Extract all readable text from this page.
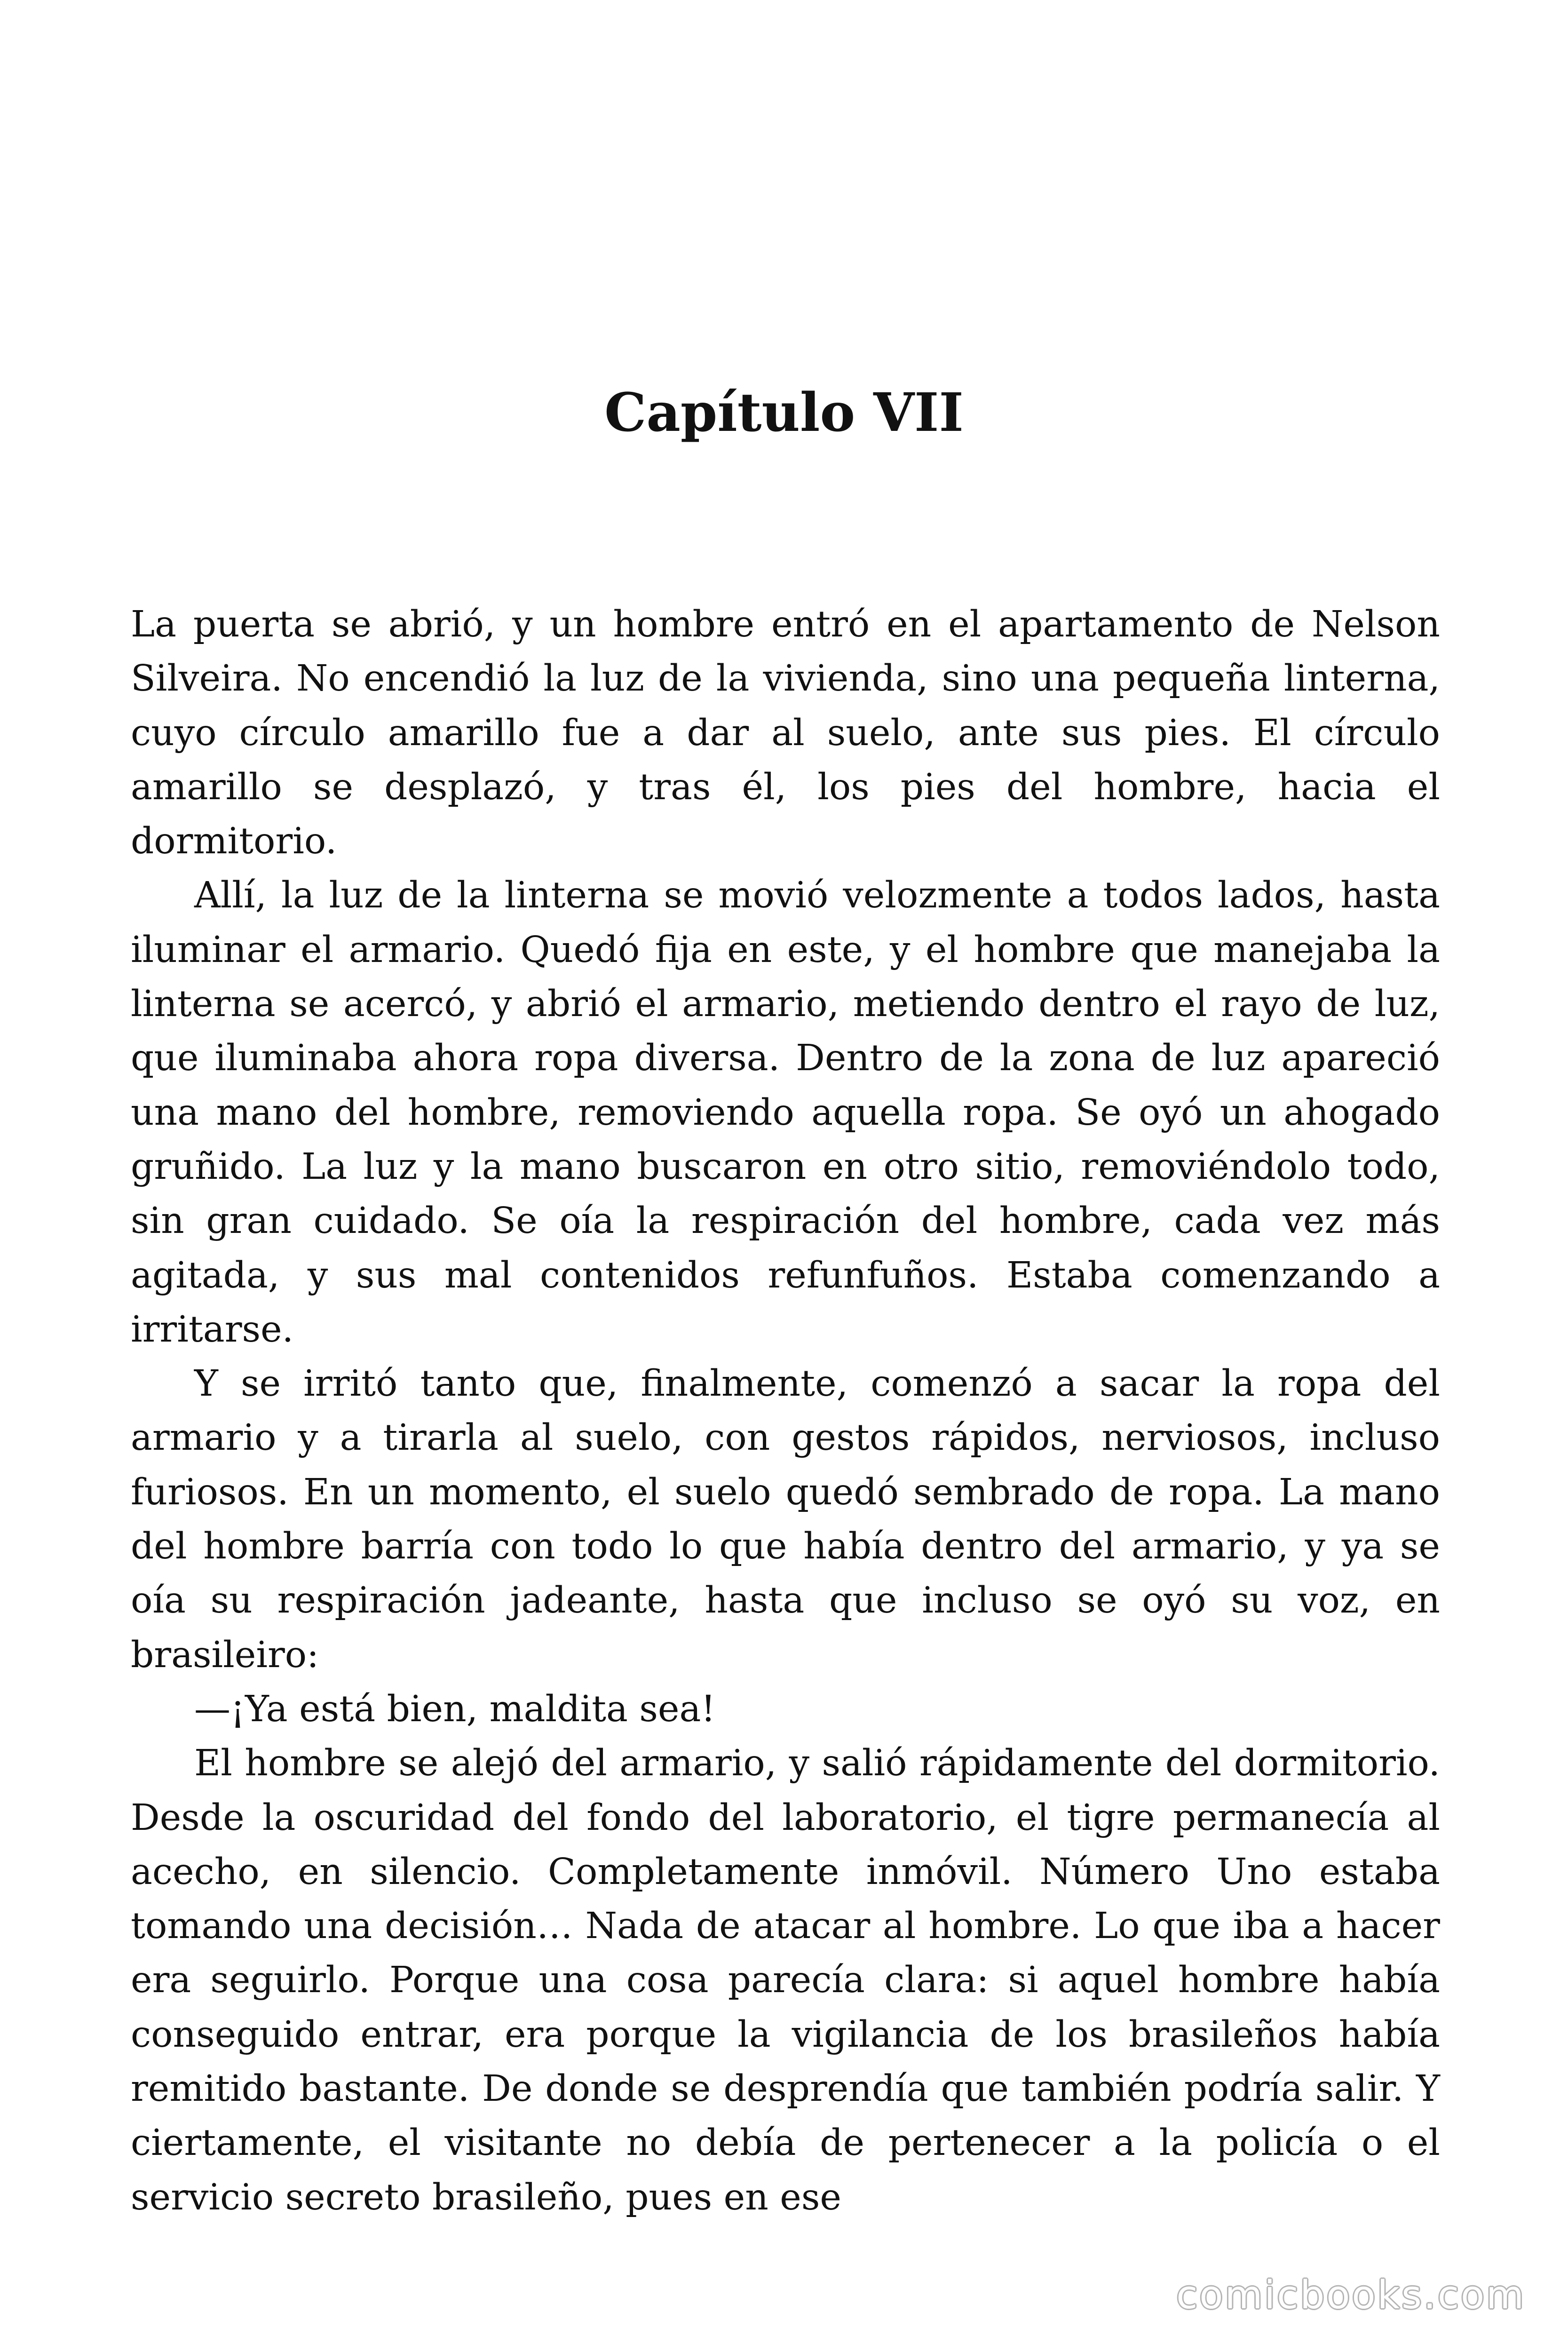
Capítulo VII

La puerta se abrió, y un hombre entró en el apartamento de Nelson Silveira. No encendió la luz de la vivienda, sino una pequeña linterna, cuyo círculo amarillo fue a dar al suelo, ante sus pies. El círculo amarillo se desplazó, y tras él, los pies del hombre, hacia el dormitorio.

Allí, la luz de la linterna se movió velozmente a todos lados, hasta iluminar el armario. Quedó fija en este, y el hombre que manejaba la linterna se acercó, y abrió el armario, metiendo dentro el rayo de luz, que iluminaba ahora ropa diversa. Dentro de la zona de luz apareció una mano del hombre, removiendo aquella ropa. Se oyó un ahogado gruñido. La luz y la mano buscaron en otro sitio, removiéndolo todo, sin gran cuidado. Se oía la respiración del hombre, cada vez más agitada, y sus mal contenidos refunfuños. Estaba comenzando a irritarse.

Y se irritó tanto que, finalmente, comenzó a sacar la ropa del armario y a tirarla al suelo, con gestos rápidos, nerviosos, incluso furiosos. En un momento, el suelo quedó sembrado de ropa. La mano del hombre barría con todo lo que había dentro del armario, y ya se oía su respiración jadeante, hasta que incluso se oyó su voz, en brasileiro:

—¡Ya está bien, maldita sea!

El hombre se alejó del armario, y salió rápidamente del dormitorio. Desde la oscuridad del fondo del laboratorio, el tigre permanecía al acecho, en silencio. Completamente inmóvil. Número Uno estaba tomando una decisión… Nada de atacar al hombre. Lo que iba a hacer era seguirlo. Porque una cosa parecía clara: si aquel hombre había conseguido entrar, era porque la vigilancia de los brasileños había remitido bastante. De donde se desprendía que también podría salir. Y ciertamente, el visitante no debía de pertenecer a la policía o el servicio secreto brasileño, pues en ese

comicbooks.com
